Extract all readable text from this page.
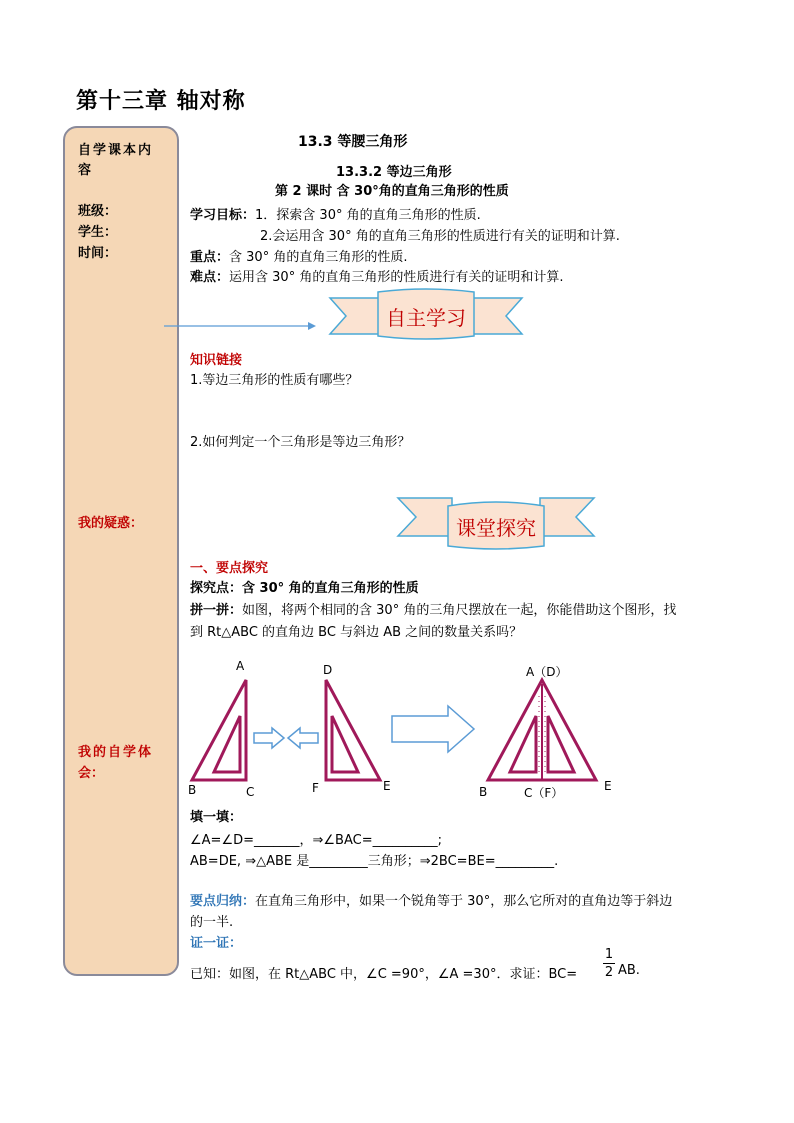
第十三章 轴对称
自学课本内
容
班级：
学生：
时间：
我的疑惑：
我的自学体
会：
13.3 等腰三角形
13.3.2 等边三角形
第 2 课时 含 30°角的直角三角形的性质
学习目标：1．探索含 30° 角的直角三角形的性质.
2.会运用含 30° 角的直角三角形的性质进行有关的证明和计算.
重点：含 30° 角的直角三角形的性质.
难点：运用含 30° 角的直角三角形的性质进行有关的证明和计算.
自主学习
知识链接
1.等边三角形的性质有哪些？
2.如何判定一个三角形是等边三角形？
课堂探究
一、要点探究
探究点：含 30° 角的直角三角形的性质
拼一拼：如图，将两个相同的含 30° 角的三角尺摆放在一起，你能借助这个图形，找
到 Rt△ABC 的直角边 BC 与斜边 AB 之间的数量关系吗？
A
B	C
D
F	E
A（D）
B	C（F）	E
填一填：
∠A=∠D=_______，⇒∠BAC=__________;
AB=DE, ⇒△ABE 是_________三角形；⇒2BC=BE=_________.
要点归纳：在直角三角形中，如果一个锐角等于 30°，那么它所对的直角边等于斜边
的一半.
证一证：
已知：如图，在 Rt△ABC 中，∠C =90°，∠A =30°．求证：$BC= \frac{1}{2}$ AB.
